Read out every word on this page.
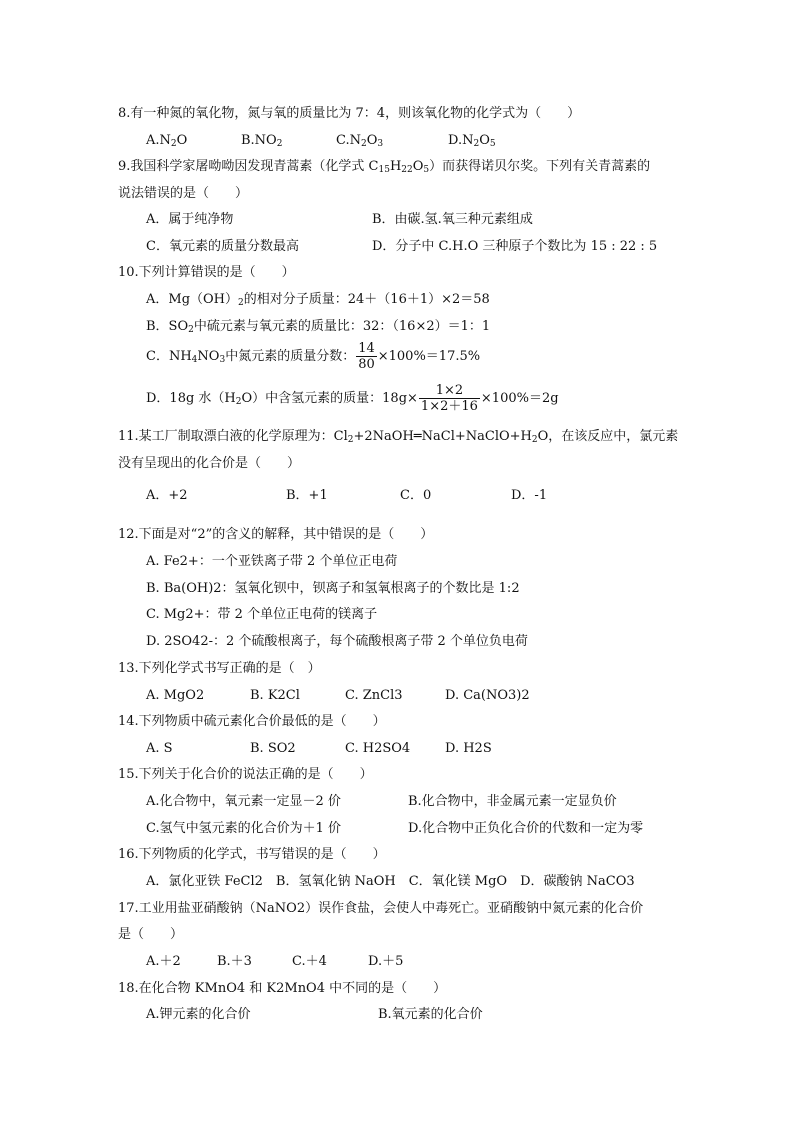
8.有一种氮的氧化物，氮与氧的质量比为 7：4，则该氧化物的化学式为（　　）
$A.N_2O$	$B.NO_2$	$C.N_2O_3$	$D.N_2O_5$
9.我国科学家屠呦呦因发现青蒿素（化学式 $C_{15}H_{22}O_5$）而获得诺贝尔奖。下列有关青蒿素的
说法错误的是（　　）
A．属于纯净物	B．由碳.氢.氧三种元素组成
C．氧元素的质量分数最高	D．分子中 C.H.O 三种原子个数比为 15 : 22 : 5
10.下列计算错误的是（　　）
A．$Mg(OH)_2$的相对分子质量：24＋（16＋1）×2＝58
B．$SO_2$中硫元素与氧元素的质量比：32：（16×2）＝1：1
C．$NH_4NO_3$中氮元素的质量分数： $\frac{14}{80} \times 100\%=17.5\%$
D．18g 水$(H_2O)$中含氢元素的质量：$18g\times \frac{1\times 2}{1\times 2+16} \times 100\%=2g$
11.某工厂制取漂白液的化学原理为：$Cl_2+2NaOH═NaCl+NaClO+H_2O$，在该反应中，氯元素
没有呈现出的化合价是（　　）
A．+2	B．+1	C．0	D．-1
12.下面是对“2”的含义的解释，其中错误的是（　　）
A. Fe2+：一个亚铁离子带 2 个单位正电荷
B. Ba(OH)2：氢氧化钡中，钡离子和氢氧根离子的个数比是 1:2
C. Mg2+：带 2 个单位正电荷的镁离子
D. 2SO42-：2 个硫酸根离子，每个硫酸根离子带 2 个单位负电荷
13.下列化学式书写正确的是（　）
A. MgO2	B. K2Cl	C. ZnCl3	D. Ca(NO3)2
14.下列物质中硫元素化合价最低的是（　　）
A. S	B. SO2	C. H2SO4	D. H2S
15.下列关于化合价的说法正确的是（　　）
A.化合物中，氧元素一定显－2 价	B.化合物中，非金属元素一定显负价
C.氢气中氢元素的化合价为＋1 价	D.化合物中正负化合价的代数和一定为零
16.下列物质的化学式，书写错误的是（　　）
A．氯化亚铁 FeCl2　B．氢氧化钠 NaOH　C．氧化镁 MgO　D．碳酸钠 NaCO3
17.工业用盐亚硝酸钠（NaNO2）误作食盐，会使人中毒死亡。亚硝酸钠中氮元素的化合价
是（　　）
A.＋2	B.＋3	C.＋4	D.＋5
18.在化合物 KMnO4 和 K2MnO4 中不同的是（　　）
A.钾元素的化合价	B.氧元素的化合价
